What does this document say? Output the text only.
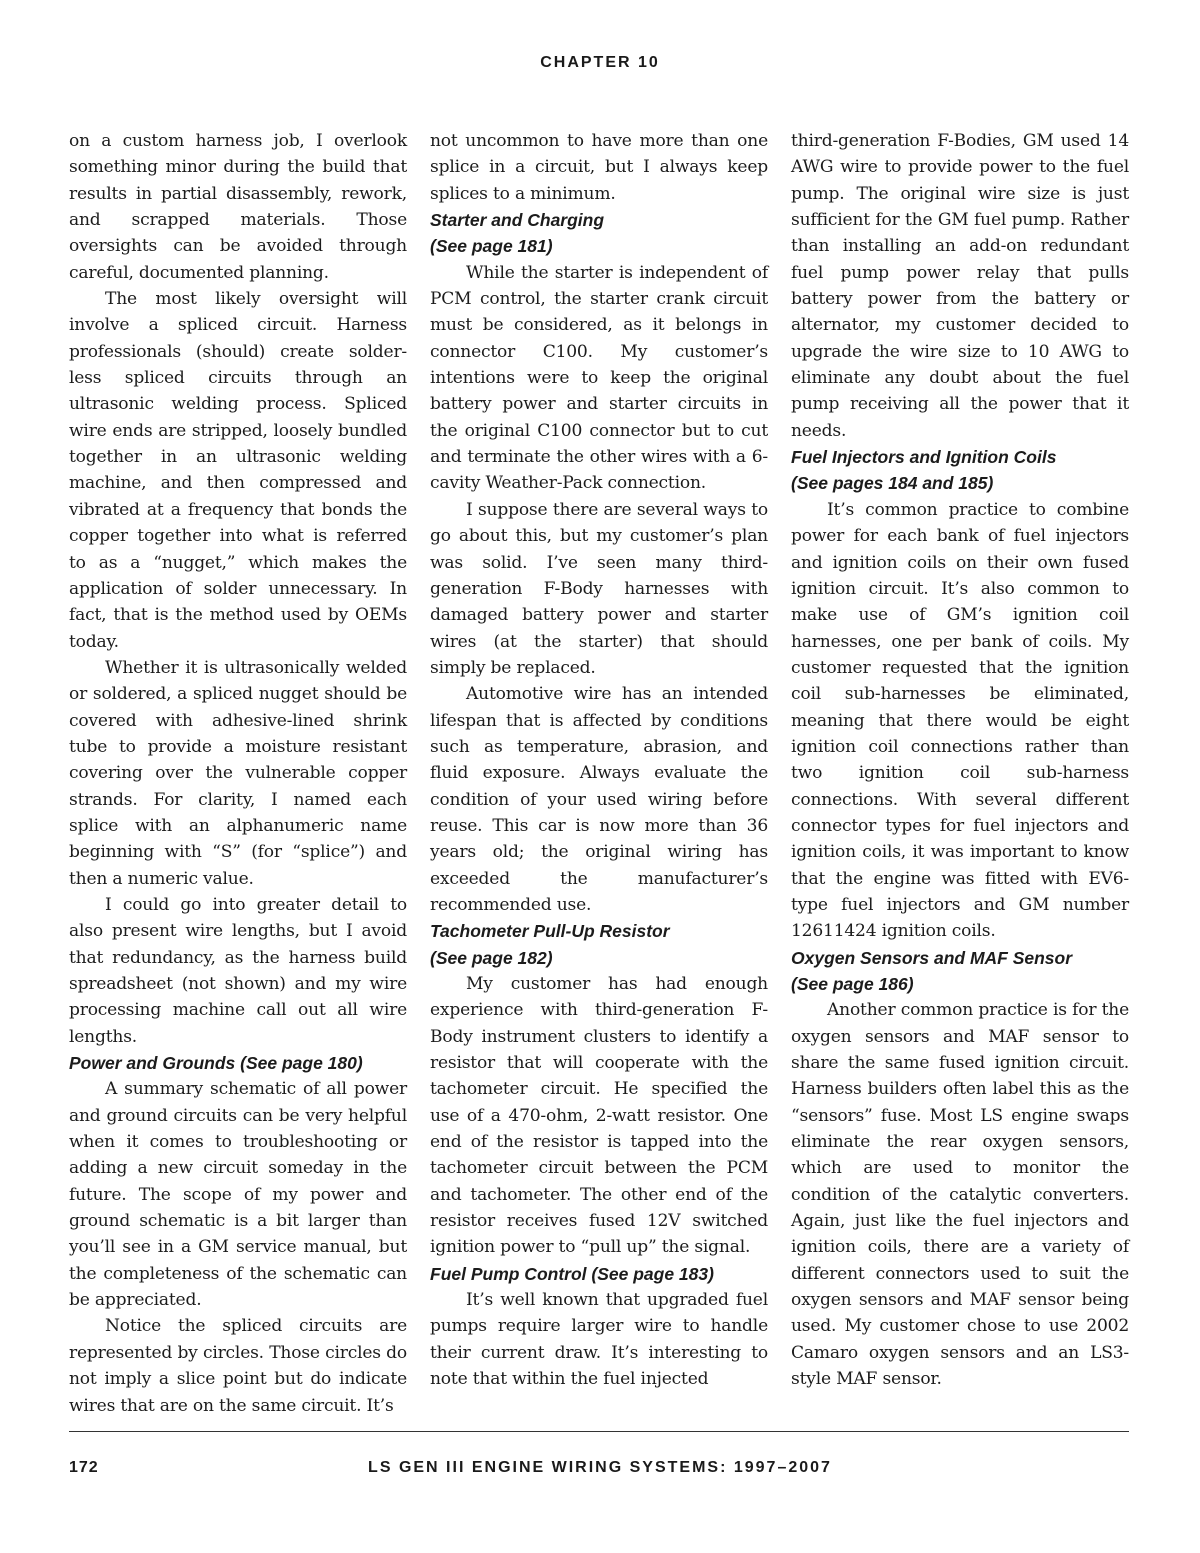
CHAPTER 10

on a custom harness job, I overlook something minor during the build that results in partial disassembly, rework, and scrapped materials. Those oversights can be avoided through careful, documented planning.

The most likely oversight will involve a spliced circuit. Harness professionals (should) create solder-less spliced circuits through an ultrasonic welding process. Spliced wire ends are stripped, loosely bundled together in an ultrasonic welding machine, and then compressed and vibrated at a frequency that bonds the copper together into what is referred to as a “nugget,” which makes the application of solder unnecessary. In fact, that is the method used by OEMs today.

Whether it is ultrasonically welded or soldered, a spliced nugget should be covered with adhesive-lined shrink tube to provide a moisture resistant covering over the vulnerable copper strands. For clarity, I named each splice with an alphanumeric name beginning with “S” (for “splice”) and then a numeric value.

I could go into greater detail to also present wire lengths, but I avoid that redundancy, as the harness build spreadsheet (not shown) and my wire processing machine call out all wire lengths.

Power and Grounds (See page 180)

A summary schematic of all power and ground circuits can be very helpful when it comes to troubleshooting or adding a new circuit someday in the future. The scope of my power and ground schematic is a bit larger than you’ll see in a GM service manual, but the completeness of the schematic can be appreciated.

Notice the spliced circuits are represented by circles. Those circles do not imply a slice point but do indicate wires that are on the same circuit. It’s

not uncommon to have more than one splice in a circuit, but I always keep splices to a minimum.

Starter and Charging
(See page 181)

While the starter is independent of PCM control, the starter crank circuit must be considered, as it belongs in connector C100. My customer’s intentions were to keep the original battery power and starter circuits in the original C100 connector but to cut and terminate the other wires with a 6-cavity Weather-Pack connection.

I suppose there are several ways to go about this, but my customer’s plan was solid. I’ve seen many third-generation F-Body harnesses with damaged battery power and starter wires (at the starter) that should simply be replaced.

Automotive wire has an intended lifespan that is affected by conditions such as temperature, abrasion, and fluid exposure. Always evaluate the condition of your used wiring before reuse. This car is now more than 36 years old; the original wiring has exceeded the manufacturer’s recommended use.

Tachometer Pull-Up Resistor
(See page 182)

My customer has had enough experience with third-generation F-Body instrument clusters to identify a resistor that will cooperate with the tachometer circuit. He specified the use of a 470-ohm, 2-watt resistor. One end of the resistor is tapped into the tachometer circuit between the PCM and tachometer. The other end of the resistor receives fused 12V switched ignition power to “pull up” the signal.

Fuel Pump Control (See page 183)

It’s well known that upgraded fuel pumps require larger wire to handle their current draw. It’s interesting to note that within the fuel injected

third-generation F-Bodies, GM used 14 AWG wire to provide power to the fuel pump. The original wire size is just sufficient for the GM fuel pump. Rather than installing an add-on redundant fuel pump power relay that pulls battery power from the battery or alternator, my customer decided to upgrade the wire size to 10 AWG to eliminate any doubt about the fuel pump receiving all the power that it needs.

Fuel Injectors and Ignition Coils
(See pages 184 and 185)

It’s common practice to combine power for each bank of fuel injectors and ignition coils on their own fused ignition circuit. It’s also common to make use of GM’s ignition coil harnesses, one per bank of coils. My customer requested that the ignition coil sub-harnesses be eliminated, meaning that there would be eight ignition coil connections rather than two ignition coil sub-harness connections. With several different connector types for fuel injectors and ignition coils, it was important to know that the engine was fitted with EV6-type fuel injectors and GM number 12611424 ignition coils.

Oxygen Sensors and MAF Sensor
(See page 186)

Another common practice is for the oxygen sensors and MAF sensor to share the same fused ignition circuit. Harness builders often label this as the “sensors” fuse. Most LS engine swaps eliminate the rear oxygen sensors, which are used to monitor the condition of the catalytic converters. Again, just like the fuel injectors and ignition coils, there are a variety of different connectors used to suit the oxygen sensors and MAF sensor being used. My customer chose to use 2002 Camaro oxygen sensors and an LS3-style MAF sensor.

172	LS GEN III ENGINE WIRING SYSTEMS: 1997–2007
